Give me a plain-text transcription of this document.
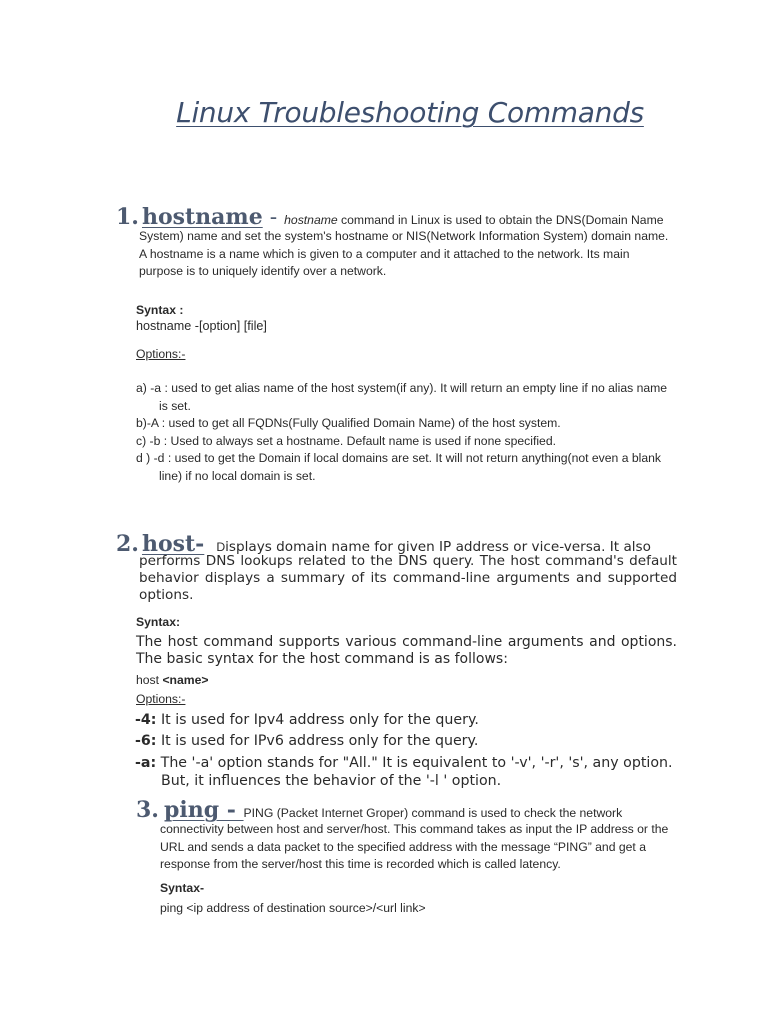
Linux Troubleshooting Commands
1. hostname - hostname command in Linux is used to obtain the DNS(Domain Name
System) name and set the system's hostname or NIS(Network Information System) domain name. A hostname is a name which is given to a computer and it attached to the network. Its main purpose is to uniquely identify over a network.
Syntax :
hostname -[option] [file]
Options:-
a) -a : used to get alias name of the host system(if any). It will return an empty line if no alias name is set.
b)-A : used to get all FQDNs(Fully Qualified Domain Name) of the host system.
c) -b : Used to always set a hostname. Default name is used if none specified.
d ) -d : used to get the Domain if local domains are set. It will not return anything(not even a blank line) if no local domain is set.
2. host- Displays domain name for given IP address or vice-versa. It also
performs DNS lookups related to the DNS query. The host command's default behavior displays a summary of its command-line arguments and supported options.
Syntax:
The host command supports various command-line arguments and options. The basic syntax for the host command is as follows:
host <name>
Options:-
-4: It is used for Ipv4 address only for the query.
-6: It is used for IPv6 address only for the query.
-a: The '-a' option stands for "All." It is equivalent to '-v', '-r', 's', any option. But, it influences the behavior of the '-l ' option.
3. ping - PING (Packet Internet Groper) command is used to check the network
connectivity between host and server/host. This command takes as input the IP address or the URL and sends a data packet to the specified address with the message “PING” and get a response from the server/host this time is recorded which is called latency.
Syntax-
ping <ip address of destination source>/<url link>
